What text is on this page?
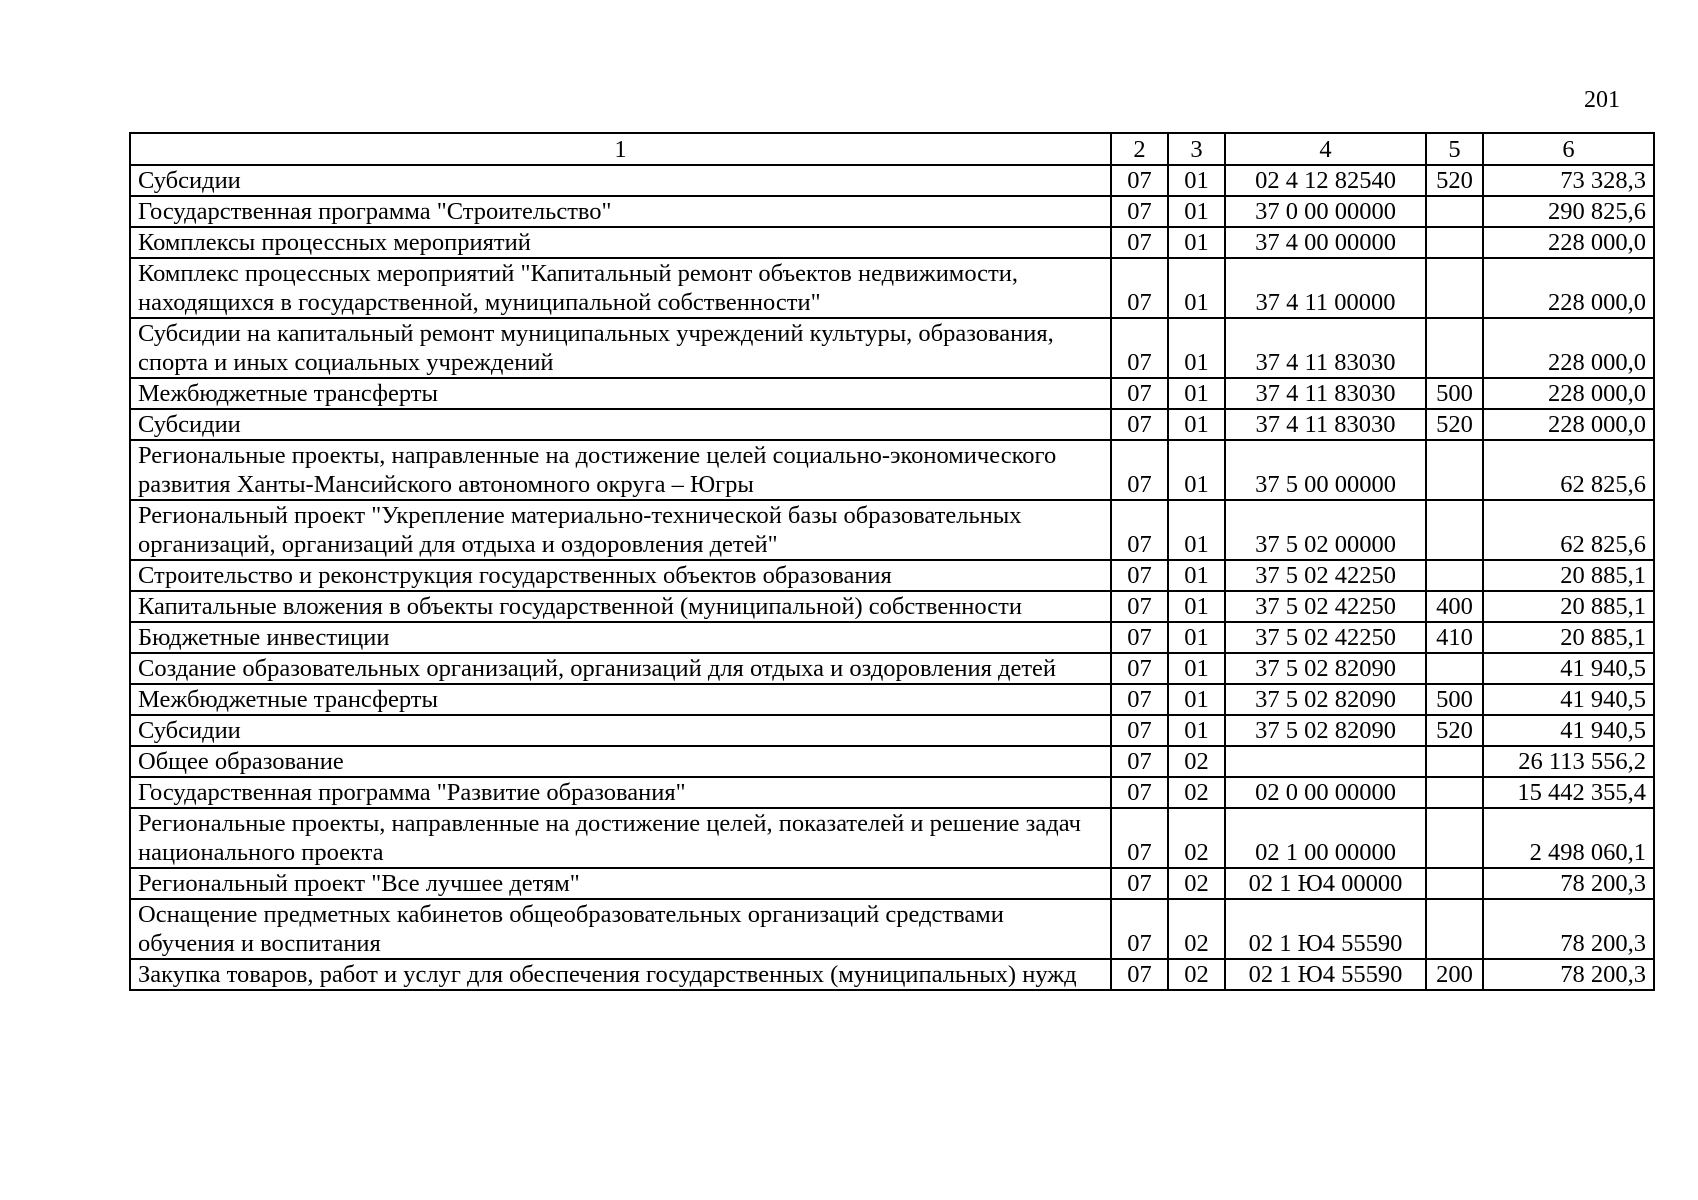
201
1	2	3	4	5	6
Субсидии	07	01	02 4 12 82540	520	73 328,3
Государственная программа "Строительство"	07	01	37 0 00 00000		290 825,6
Комплексы процессных мероприятий	07	01	37 4 00 00000		228 000,0
Комплекс процессных мероприятий "Капитальный ремонт объектов недвижимости, находящихся в государственной, муниципальной собственности"	07	01	37 4 11 00000		228 000,0
Субсидии на капитальный ремонт муниципальных учреждений культуры, образования, спорта и иных социальных учреждений	07	01	37 4 11 83030		228 000,0
Межбюджетные трансферты	07	01	37 4 11 83030	500	228 000,0
Субсидии	07	01	37 4 11 83030	520	228 000,0
Региональные проекты, направленные на достижение целей социально-экономического развития Ханты-Мансийского автономного округа – Югры	07	01	37 5 00 00000		62 825,6
Региональный проект "Укрепление материально-технической базы образовательных организаций, организаций для отдыха и оздоровления детей"	07	01	37 5 02 00000		62 825,6
Строительство и реконструкция государственных объектов образования	07	01	37 5 02 42250		20 885,1
Капитальные вложения в объекты государственной (муниципальной) собственности	07	01	37 5 02 42250	400	20 885,1
Бюджетные инвестиции	07	01	37 5 02 42250	410	20 885,1
Создание образовательных организаций, организаций для отдыха и оздоровления детей	07	01	37 5 02 82090		41 940,5
Межбюджетные трансферты	07	01	37 5 02 82090	500	41 940,5
Субсидии	07	01	37 5 02 82090	520	41 940,5
Общее образование	07	02			26 113 556,2
Государственная программа "Развитие образования"	07	02	02 0 00 00000		15 442 355,4
Региональные проекты, направленные на достижение целей, показателей и решение задач национального проекта	07	02	02 1 00 00000		2 498 060,1
Региональный проект "Все лучшее детям"	07	02	02 1 Ю4 00000		78 200,3
Оснащение предметных кабинетов общеобразовательных организаций средствами обучения и воспитания	07	02	02 1 Ю4 55590		78 200,3
Закупка товаров, работ и услуг для обеспечения государственных (муниципальных) нужд	07	02	02 1 Ю4 55590	200	78 200,3
